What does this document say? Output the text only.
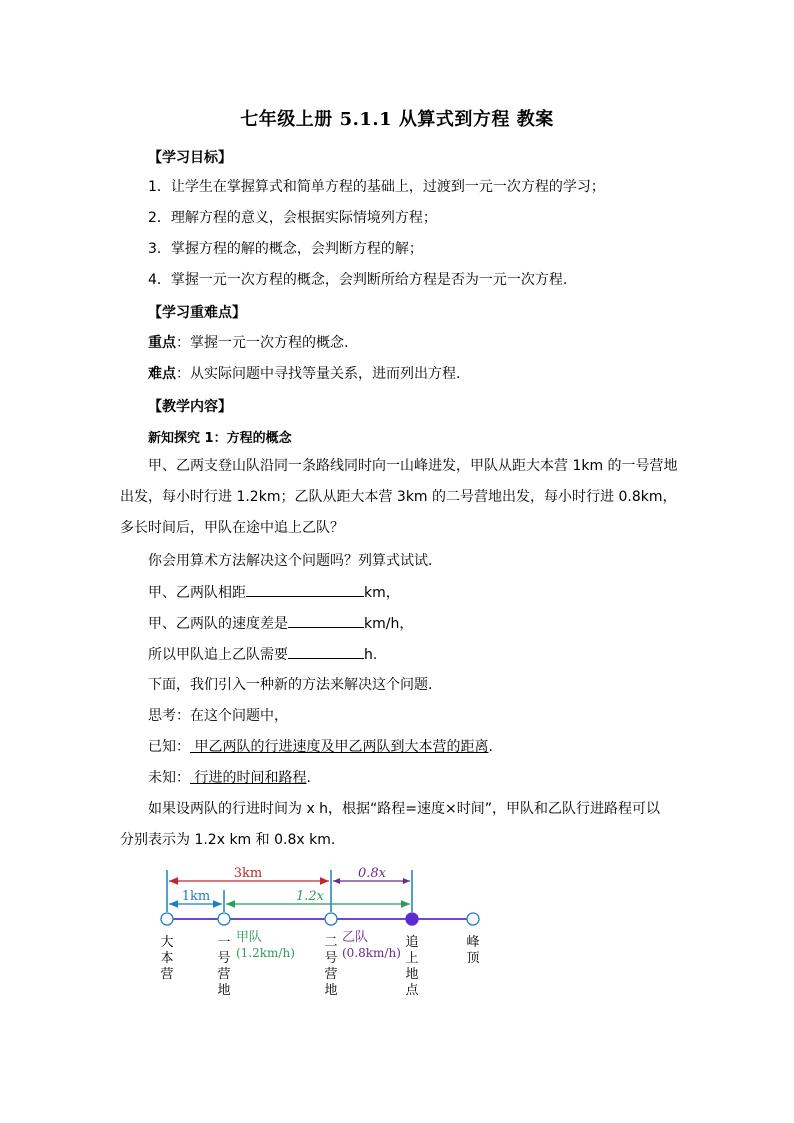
七年级上册 5.1.1 从算式到方程 教案
【学习目标】
1．让学生在掌握算式和简单方程的基础上，过渡到一元一次方程的学习；
2．理解方程的意义，会根据实际情境列方程；
3．掌握方程的解的概念，会判断方程的解；
4．掌握一元一次方程的概念，会判断所给方程是否为一元一次方程.
【学习重难点】
重点：掌握一元一次方程的概念.
难点：从实际问题中寻找等量关系，进而列出方程.
【教学内容】
新知探究 1：方程的概念
甲、乙两支登山队沿同一条路线同时向一山峰进发，甲队从距大本营 1km 的一号营地出发，每小时行进 1.2km；乙队从距大本营 3km 的二号营地出发，每小时行进 0.8km，多长时间后，甲队在途中追上乙队？
你会用算术方法解决这个问题吗？列算式试试.
甲、乙两队相距	km，
甲、乙两队的速度差是	km/h，
所以甲队追上乙队需要	h.
下面，我们引入一种新的方法来解决这个问题.
思考：在这个问题中，
已知： 甲乙两队的行进速度及甲乙两队到大本营的距离.
未知： 行进的时间和路程.
如果设两队的行进时间为 x h，根据“路程=速度×时间”，甲队和乙队行进路程可以
分别表示为 1.2x km 和 0.8x km.
3km	0.8x
1km	1.2x
甲队
(1.2km/h)
乙队
(0.8km/h)
大
本
营
一
号
营
地
二
号
营
地
追
上
地
点
峰
顶
